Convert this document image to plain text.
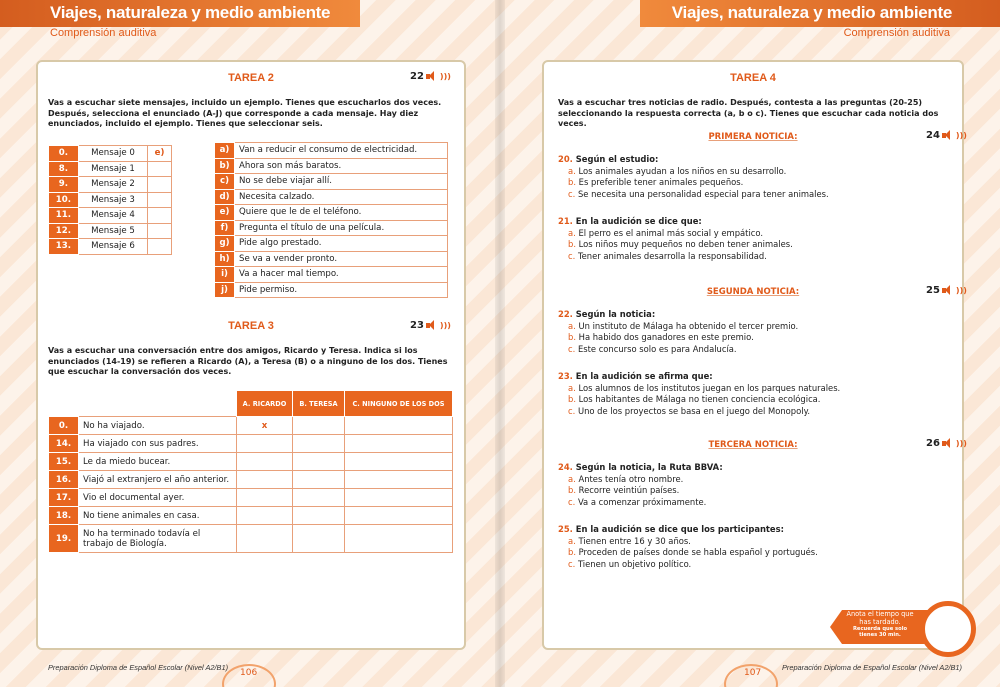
Viajes, naturaleza y medio ambiente
Comprensión auditiva
TAREA 2	22 )))
Vas a escuchar siete mensajes, incluido un ejemplo. Tienes que escucharlos dos veces. Después, selecciona el enunciado (A-J) que corresponde a cada mensaje. Hay diez enunciados, incluido el ejemplo. Tienes que seleccionar seis.
0.	Mensaje 0	e)
8.	Mensaje 1	
9.	Mensaje 2	
10.	Mensaje 3	
11.	Mensaje 4	
12.	Mensaje 5	
13.	Mensaje 6	
a)	Van a reducir el consumo de electricidad.
b)	Ahora son más baratos.
c)	No se debe viajar allí.
d)	Necesita calzado.
e)	Quiere que le de el teléfono.
f)	Pregunta el título de una película.
g)	Pide algo prestado.
h)	Se va a vender pronto.
i)	Va a hacer mal tiempo.
j)	Pide permiso.
TAREA 3	23 )))
Vas a escuchar una conversación entre dos amigos, Ricardo y Teresa. Indica si los enunciados (14-19) se refieren a Ricardo (A), a Teresa (B) o a ninguno de los dos. Tienes que escuchar la conversación dos veces.
		A. RICARDO	B. TERESA	C. NINGUNO DE LOS DOS
0.	No ha viajado.	x		
14.	Ha viajado con sus padres.			
15.	Le da miedo bucear.			
16.	Viajó al extranjero el año anterior.			
17.	Vio el documental ayer.			
18.	No tiene animales en casa.			
19.	No ha terminado todavía el trabajo de Biología.			
Preparación Diploma de Español Escolar (Nivel A2/B1)
106
Viajes, naturaleza y medio ambiente
Comprensión auditiva
TAREA 4
Vas a escuchar tres noticias de radio. Después, contesta a las preguntas (20-25) seleccionando la respuesta correcta (a, b o c). Tienes que escuchar cada noticia dos veces.
PRIMERA NOTICIA:	24 )))
20. Según el estudio:
a. Los animales ayudan a los niños en su desarrollo.
b. Es preferible tener animales pequeños.
c. Se necesita una personalidad especial para tener animales.
21. En la audición se dice que:
a. El perro es el animal más social y empático.
b. Los niños muy pequeños no deben tener animales.
c. Tener animales desarrolla la responsabilidad.
SEGUNDA NOTICIA:	25 )))
22. Según la noticia:
a. Un instituto de Málaga ha obtenido el tercer premio.
b. Ha habido dos ganadores en este premio.
c. Este concurso solo es para Andalucía.
23. En la audición se afirma que:
a. Los alumnos de los institutos juegan en los parques naturales.
b. Los habitantes de Málaga no tienen conciencia ecológica.
c. Uno de los proyectos se basa en el juego del Monopoly.
TERCERA NOTICIA:	26 )))
24. Según la noticia, la Ruta BBVA:
a. Antes tenía otro nombre.
b. Recorre veintiún países.
c. Va a comenzar próximamente.
25. En la audición se dice que los participantes:
a. Tienen entre 16 y 30 años.
b. Proceden de países donde se habla español y portugués.
c. Tienen un objetivo político.
Anota el tiempo que has tardado.
Recuerda que solo tienes 30 min.
Preparación Diploma de Español Escolar (Nivel A2/B1)
107
